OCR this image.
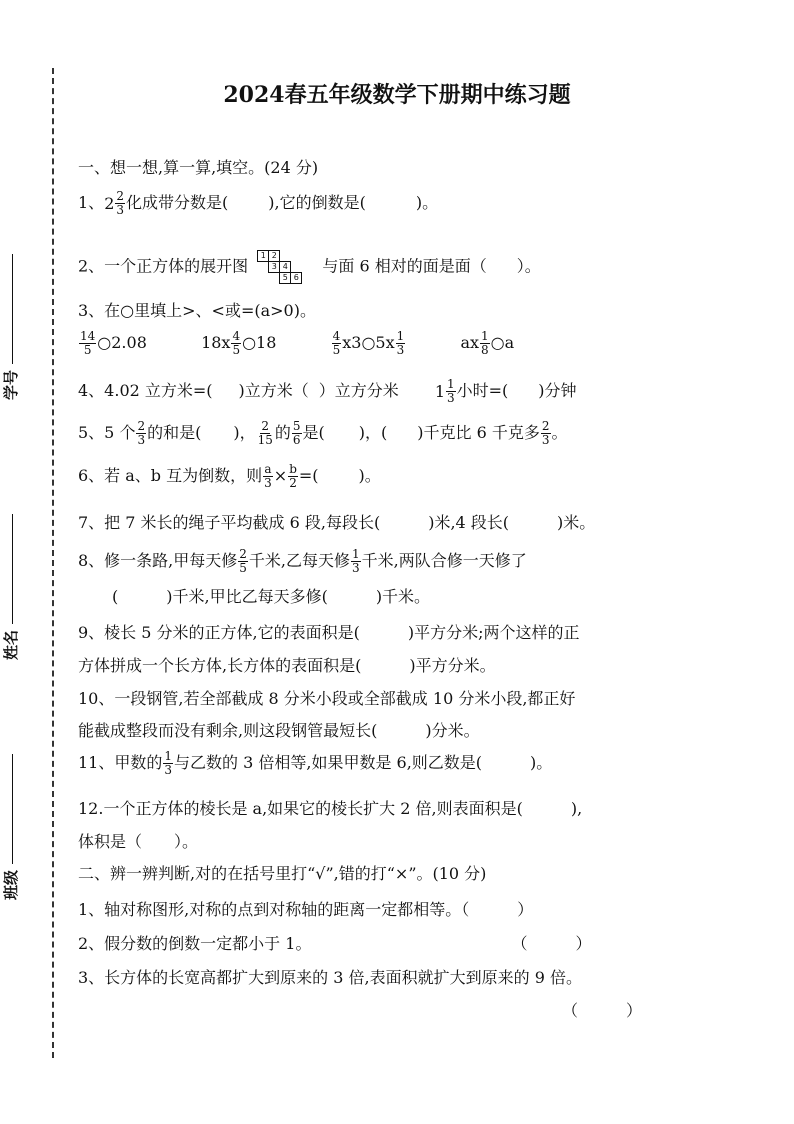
学号
姓名
班级
2024春五年级数学下册期中练习题
一、想一想,算一算,填空。(24 分)
1、 2 2
3 化成带分数是(	),它的倒数是(	)。
2、一个正方体的展开图
1 2
3 4
5 6
与面 6 相对的面是面（ ）。
3、在○里填上>、<或=(a>0)。
$\frac{14}{5}$ ○2.08	$18x \frac{4}{5}$ ○18	$\frac{4}{5}$ x3○5x $\frac{1}{3}$	ax $\frac{1}{8}$ ○a
4、4.02 立方米=( )立方米（ ）立方分米 1 1
3 小时=( )分钟
5、5 个 $\frac{2}{3}$ 的和是( )， $\frac{2}{15}$ 的 $\frac{5}{6}$ 是( )，( )千克比 6 千克多 $\frac{2}{3}$ 。
6、若 a、b 互为倒数，则 $\frac{a}{3} \times \frac{b}{2}$ =(	)。
7、把 7 米长的绳子平均截成 6 段,每段长(　　　)米,4 段长(　　　)米。
8、修一条路,甲每天修 $\frac{2}{5}$ 千米,乙每天修 $\frac{1}{3}$ 千米,两队合修一天修了
(　　　)千米,甲比乙每天多修(　　　)千米。
9、棱长 5 分米的正方体,它的表面积是(　　　)平方分米;两个这样的正
方体拼成一个长方体,长方体的表面积是(　　　)平方分米。
10、一段钢管,若全部截成 8 分米小段或全部截成 10 分米小段,都正好
能截成整段而没有剩余,则这段钢管最短长(　　　)分米。
11、甲数的 $\frac{1}{3}$ 与乙数的 3 倍相等,如果甲数是 6,则乙数是(　　　)。
12.一个正方体的棱长是 a,如果它的棱长扩大 2 倍,则表面积是(　　　),
体积是（　　）。
二、辨一辨判断,对的在括号里打“√”,错的打“×”。(10 分)
1、轴对称图形,对称的点到对称轴的距离一定都相等。（　　　）
2、假分数的倒数一定都小于 1。	（　　　）
3、长方体的长宽高都扩大到原来的 3 倍,表面积就扩大到原来的 9 倍。
（　　　）
